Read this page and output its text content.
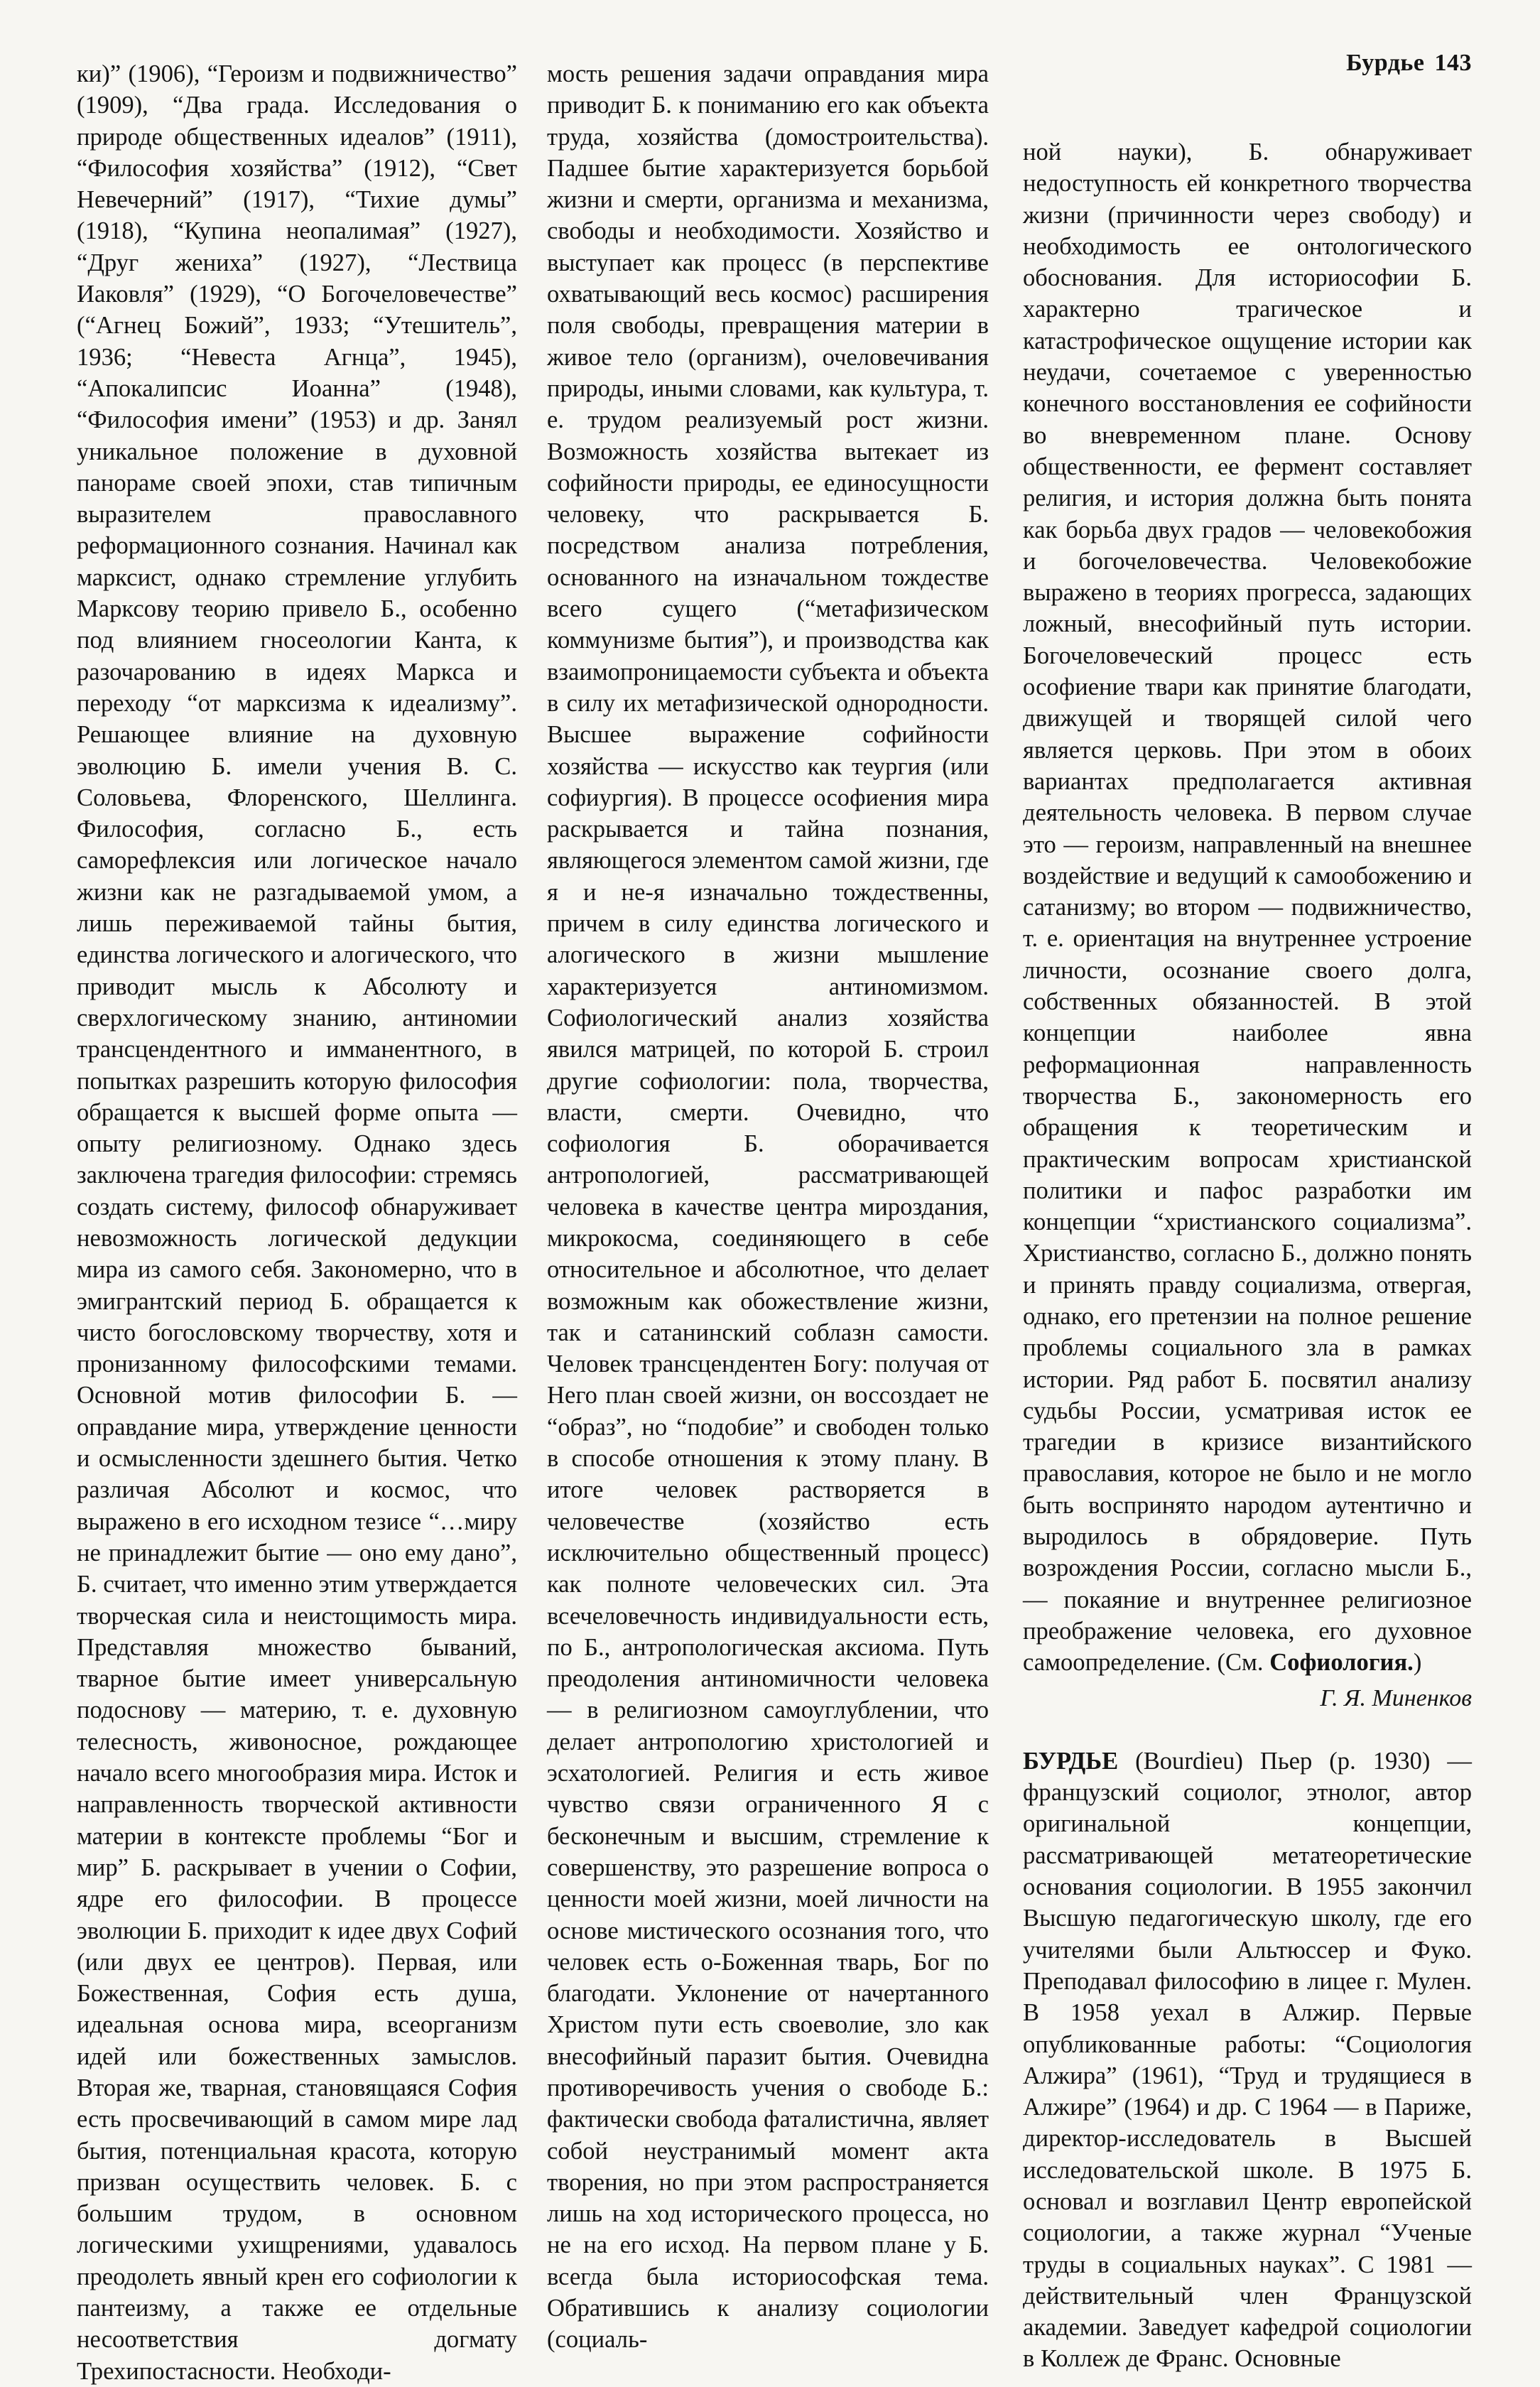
Бурдье 143

ки)” (1906), “Героизм и подвижничество” (1909), “Два града. Исследования о природе общественных идеалов” (1911), “Философия хозяйства” (1912), “Свет Невечерний” (1917), “Тихие думы” (1918), “Купина неопалимая” (1927), “Друг жениха” (1927), “Лествица Иаковля” (1929), “О Богочеловечестве” (“Агнец Божий”, 1933; “Утешитель”, 1936; “Невеста Агнца”, 1945), “Апокалипсис Иоанна” (1948), “Философия имени” (1953) и др. Занял уникальное положение в духовной панораме своей эпохи, став типичным выразителем православного реформационного сознания. Начинал как марксист, однако стремление углубить Марксову теорию привело Б., особенно под влиянием гносеологии Канта, к разочарованию в идеях Маркса и переходу “от марксизма к идеализму”. Решающее влияние на духовную эволюцию Б. имели учения В. С. Соловьева, Флоренского, Шеллинга. Философия, согласно Б., есть саморефлексия или логическое начало жизни как не разгадываемой умом, а лишь переживаемой тайны бытия, единства логического и алогического, что приводит мысль к Абсолюту и сверхлогическому знанию, антиномии трансцендентного и имманентного, в попытках разрешить которую философия обращается к высшей форме опыта — опыту религиозному. Однако здесь заключена трагедия философии: стремясь создать систему, философ обнаруживает невозможность логической дедукции мира из самого себя. Закономерно, что в эмигрантский период Б. обращается к чисто богословскому творчеству, хотя и пронизанному философскими темами. Основной мотив философии Б. — оправдание мира, утверждение ценности и осмысленности здешнего бытия. Четко различая Абсолют и космос, что выражено в его исходном тезисе “…миру не принадлежит бытие — оно ему дано”, Б. считает, что именно этим утверждается творческая сила и неистощимость мира. Представляя множество бываний, тварное бытие имеет универсальную подоснову — материю, т. е. духовную телесность, живоносное, рождающее начало всего многообразия мира. Исток и направленность творческой активности материи в контексте проблемы “Бог и мир” Б. раскрывает в учении о Софии, ядре его философии. В процессе эволюции Б. приходит к идее двух Софий (или двух ее центров). Первая, или Божественная, София есть душа, идеальная основа мира, всеорганизм идей или божественных замыслов. Вторая же, тварная, становящаяся София есть просвечивающий в самом мире лад бытия, потенциальная красота, которую призван осуществить человек. Б. с большим трудом, в основном логическими ухищрениями, удавалось преодолеть явный крен его софиологии к пантеизму, а также ее отдельные несоответствия догмату Трехипостасности. Необходи-

мость решения задачи оправдания мира приводит Б. к пониманию его как объекта труда, хозяйства (домостроительства). Падшее бытие характеризуется борьбой жизни и смерти, организма и механизма, свободы и необходимости. Хозяйство и выступает как процесс (в перспективе охватывающий весь космос) расширения поля свободы, превращения материи в живое тело (организм), очеловечивания природы, иными словами, как культура, т. е. трудом реализуемый рост жизни. Возможность хозяйства вытекает из софийности природы, ее единосущности человеку, что раскрывается Б. посредством анализа потребления, основанного на изначальном тождестве всего сущего (“метафизическом коммунизме бытия”), и производства как взаимопроницаемости субъекта и объекта в силу их метафизической однородности. Высшее выражение софийности хозяйства — искусство как теургия (или софиургия). В процессе ософиения мира раскрывается и тайна познания, являющегося элементом самой жизни, где я и не-я изначально тождественны, причем в силу единства логического и алогического в жизни мышление характеризуется антиномизмом. Софиологический анализ хозяйства явился матрицей, по которой Б. строил другие софиологии: пола, творчества, власти, смерти. Очевидно, что софиология Б. оборачивается антропологией, рассматривающей человека в качестве центра мироздания, микрокосма, соединяющего в себе относительное и абсолютное, что делает возможным как обожествление жизни, так и сатанинский соблазн самости. Человек трансцендентен Богу: получая от Него план своей жизни, он воссоздает не “образ”, но “подобие” и свободен только в способе отношения к этому плану. В итоге человек растворяется в человечестве (хозяйство есть исключительно общественный процесс) как полноте человеческих сил. Эта всечеловечность индивидуальности есть, по Б., антропологическая аксиома. Путь преодоления антиномичности человека — в религиозном самоуглублении, что делает антропологию христологией и эсхатологией. Религия и есть живое чувство связи ограниченного Я с бесконечным и высшим, стремление к совершенству, это разрешение вопроса о ценности моей жизни, моей личности на основе мистического осознания того, что человек есть о-Боженная тварь, Бог по благодати. Уклонение от начертанного Христом пути есть своеволие, зло как внесофийный паразит бытия. Очевидна противоречивость учения о свободе Б.: фактически свобода фаталистична, являет собой неустранимый момент акта творения, но при этом распространяется лишь на ход исторического процесса, но не на его исход. На первом плане у Б. всегда была историософская тема. Обратившись к анализу социологии (социаль-

ной науки), Б. обнаруживает недоступность ей конкретного творчества жизни (причинности через свободу) и необходимость ее онтологического обоснования. Для историософии Б. характерно трагическое и катастрофическое ощущение истории как неудачи, сочетаемое с уверенностью конечного восстановления ее софийности во вневременном плане. Основу общественности, ее фермент составляет религия, и история должна быть понята как борьба двух градов — человекобожия и богочеловечества. Человекобожие выражено в теориях прогресса, задающих ложный, внесофийный путь истории. Богочеловеческий процесс есть ософиение твари как принятие благодати, движущей и творящей силой чего является церковь. При этом в обоих вариантах предполагается активная деятельность человека. В первом случае это — героизм, направленный на внешнее воздействие и ведущий к самообожению и сатанизму; во втором — подвижничество, т. е. ориентация на внутреннее устроение личности, осознание своего долга, собственных обязанностей. В этой концепции наиболее явна реформационная направленность творчества Б., закономерность его обращения к теоретическим и практическим вопросам христианской политики и пафос разработки им концепции “христианского социализма”. Христианство, согласно Б., должно понять и принять правду социализма, отвергая, однако, его претензии на полное решение проблемы социального зла в рамках истории. Ряд работ Б. посвятил анализу судьбы России, усматривая исток ее трагедии в кризисе византийского православия, которое не было и не могло быть воспринято народом аутентично и выродилось в обрядоверие. Путь возрождения России, согласно мысли Б., — покаяние и внутреннее религиозное преображение человека, его духовное самоопределение. (См. Софиология.)

Г. Я. Миненков

БУРДЬЕ (Bourdieu) Пьер (р. 1930) — французский социолог, этнолог, автор оригинальной концепции, рассматривающей метатеоретические основания социологии. В 1955 закончил Высшую педагогическую школу, где его учителями были Альтюссер и Фуко. Преподавал философию в лицее г. Мулен. В 1958 уехал в Алжир. Первые опубликованные работы: “Социология Алжира” (1961), “Труд и трудящиеся в Алжире” (1964) и др. С 1964 — в Париже, директор-исследователь в Высшей исследовательской школе. В 1975 Б. основал и возглавил Центр европейской социологии, а также журнал “Ученые труды в социальных науках”. С 1981 — действительный член Французской академии. Заведует кафедрой социологии в Коллеж де Франс. Основные
